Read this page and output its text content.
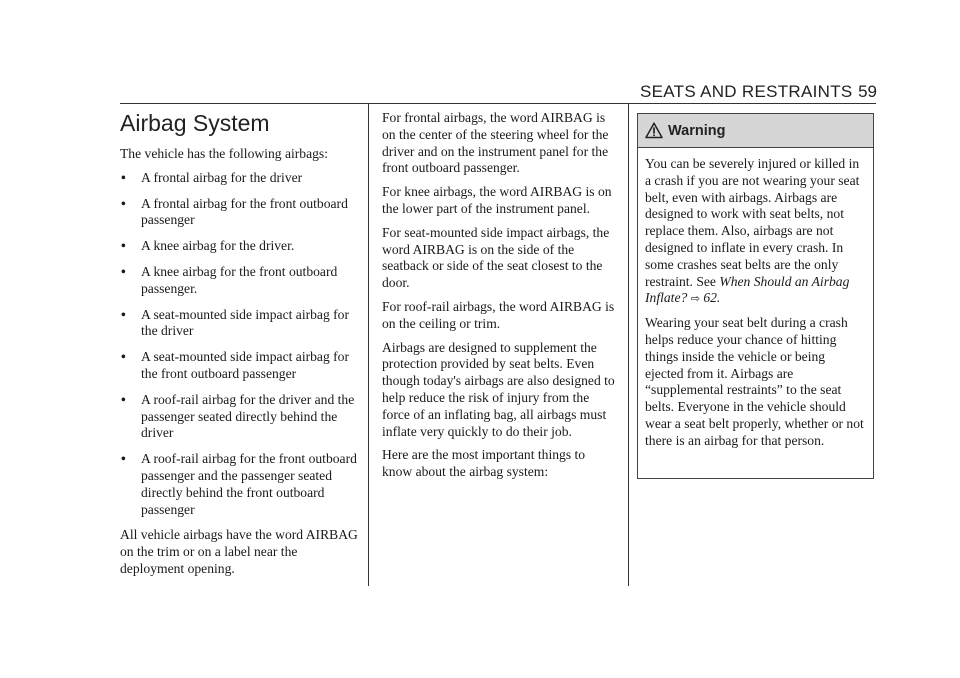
SEATS AND RESTRAINTS 59
Airbag System

The vehicle has the following airbags:

• A frontal airbag for the driver
• A frontal airbag for the front outboard passenger
• A knee airbag for the driver.
• A knee airbag for the front outboard passenger.
• A seat-mounted side impact airbag for the driver
• A seat-mounted side impact airbag for the front outboard passenger
• A roof-rail airbag for the driver and the passenger seated directly behind the driver
• A roof-rail airbag for the front outboard passenger and the passenger seated directly behind the front outboard passenger

All vehicle airbags have the word AIRBAG on the trim or on a label near the deployment opening.

For frontal airbags, the word AIRBAG is on the center of the steering wheel for the driver and on the instrument panel for the front outboard passenger.

For knee airbags, the word AIRBAG is on the lower part of the instrument panel.

For seat-mounted side impact airbags, the word AIRBAG is on the side of the seatback or side of the seat closest to the door.

For roof-rail airbags, the word AIRBAG is on the ceiling or trim.

Airbags are designed to supplement the protection provided by seat belts. Even though today's airbags are also designed to help reduce the risk of injury from the force of an inflating bag, all airbags must inflate very quickly to do their job.

Here are the most important things to know about the airbag system:

Warning

You can be severely injured or killed in a crash if you are not wearing your seat belt, even with airbags. Airbags are designed to work with seat belts, not replace them. Also, airbags are not designed to inflate in every crash. In some crashes seat belts are the only restraint. See When Should an Airbag Inflate? ⇨ 62.

Wearing your seat belt during a crash helps reduce your chance of hitting things inside the vehicle or being ejected from it. Airbags are “supplemental restraints” to the seat belts. Everyone in the vehicle should wear a seat belt properly, whether or not there is an airbag for that person.
